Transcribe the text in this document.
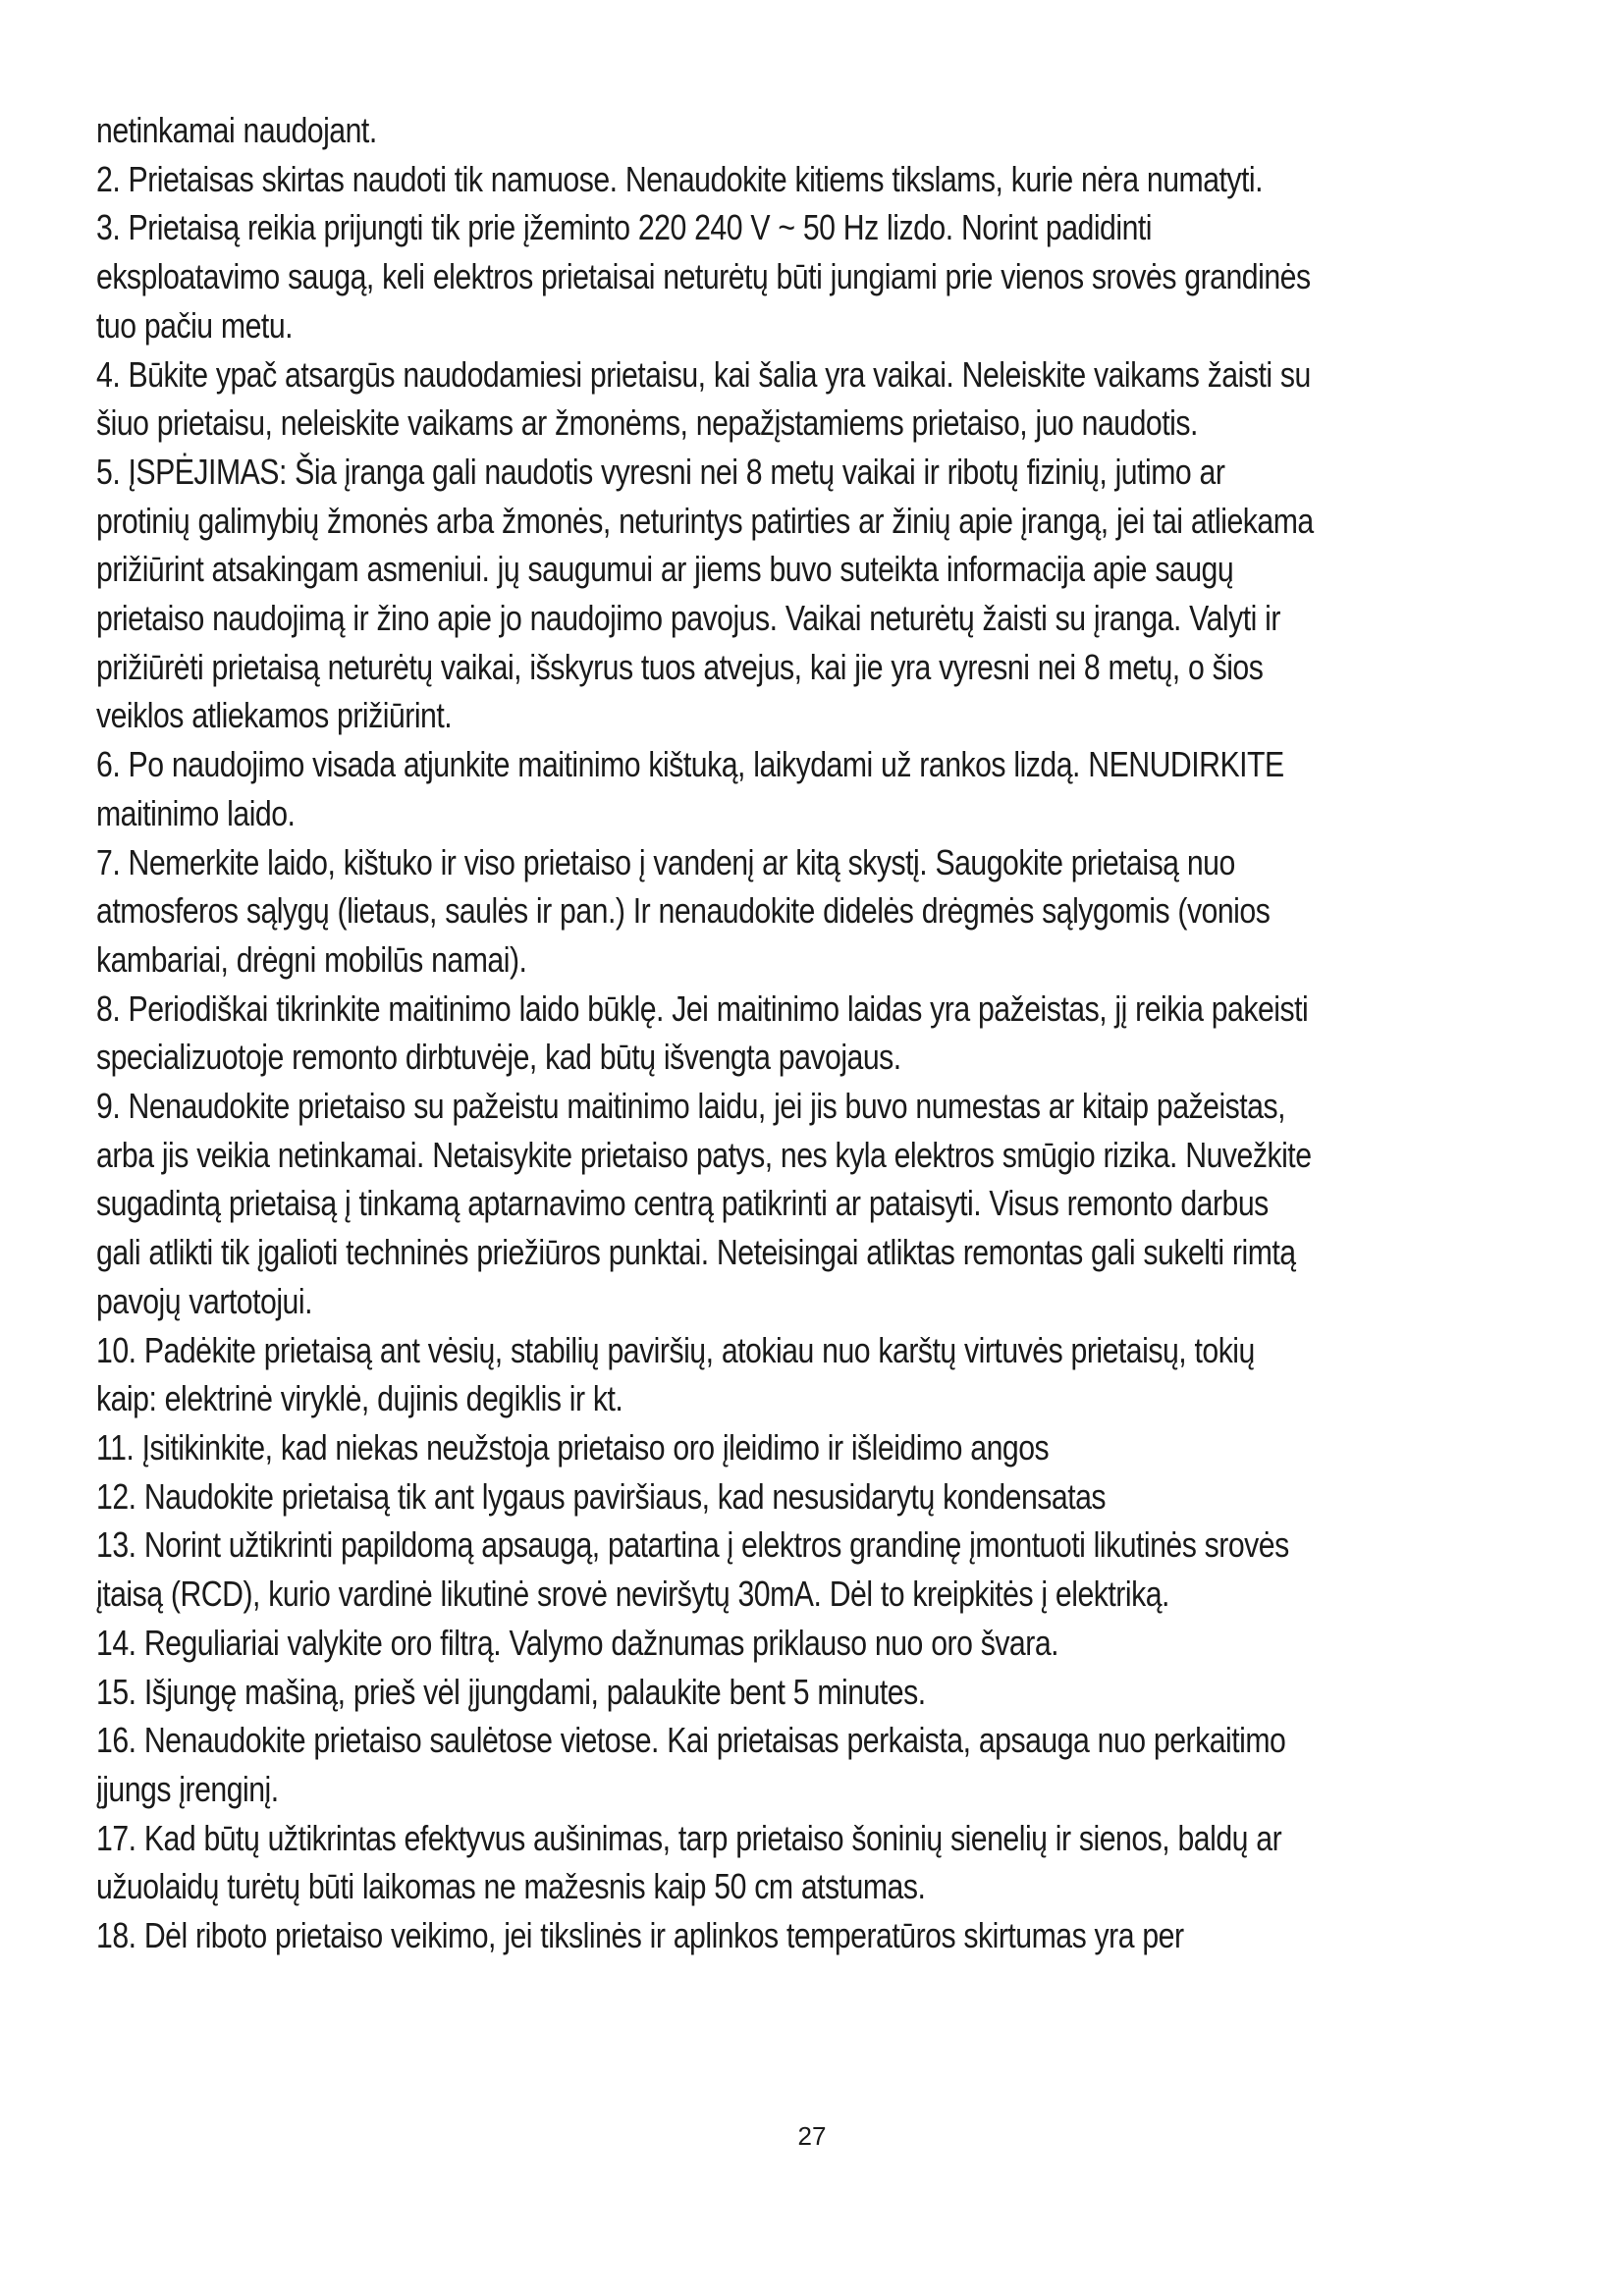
netinkamai naudojant.

2. Prietaisas skirtas naudoti tik namuose. Nenaudokite kitiems tikslams, kurie nėra numatyti.

3. Prietaisą reikia prijungti tik prie įžeminto 220 240 V ~ 50 Hz lizdo. Norint padidinti eksploatavimo saugą, keli elektros prietaisai neturėtų būti jungiami prie vienos srovės grandinės tuo pačiu metu.

4. Būkite ypač atsargūs naudodamiesi prietaisu, kai šalia yra vaikai. Neleiskite vaikams žaisti su šiuo prietaisu, neleiskite vaikams ar žmonėms, nepažįstamiems prietaiso, juo naudotis.

5. ĮSPĖJIMAS: Šia įranga gali naudotis vyresni nei 8 metų vaikai ir ribotų fizinių, jutimo ar protinių galimybių žmonės arba žmonės, neturintys patirties ar žinių apie įrangą, jei tai atliekama prižiūrint atsakingam asmeniui. jų saugumui ar jiems buvo suteikta informacija apie saugų prietaiso naudojimą ir žino apie jo naudojimo pavojus. Vaikai neturėtų žaisti su įranga. Valyti ir prižiūrėti prietaisą neturėtų vaikai, išskyrus tuos atvejus, kai jie yra vyresni nei 8 metų, o šios veiklos atliekamos prižiūrint.

6. Po naudojimo visada atjunkite maitinimo kištuką, laikydami už rankos lizdą. NENUDIRKITE maitinimo laido.

7. Nemerkite laido, kištuko ir viso prietaiso į vandenį ar kitą skystį. Saugokite prietaisą nuo atmosferos sąlygų (lietaus, saulės ir pan.) Ir nenaudokite didelės drėgmės sąlygomis (vonios kambariai, drėgni mobilūs namai).

8. Periodiškai tikrinkite maitinimo laido būklę. Jei maitinimo laidas yra pažeistas, jį reikia pakeisti specializuotoje remonto dirbtuvėje, kad būtų išvengta pavojaus.

9. Nenaudokite prietaiso su pažeistu maitinimo laidu, jei jis buvo numestas ar kitaip pažeistas, arba jis veikia netinkamai. Netaisykite prietaiso patys, nes kyla elektros smūgio rizika. Nuvežkite sugadintą prietaisą į tinkamą aptarnavimo centrą patikrinti ar pataisyti. Visus remonto darbus gali atlikti tik įgalioti techninės priežiūros punktai. Neteisingai atliktas remontas gali sukelti rimtą pavojų vartotojui.

10. Padėkite prietaisą ant vėsių, stabilių paviršių, atokiau nuo karštų virtuvės prietaisų, tokių kaip: elektrinė viryklė, dujinis degiklis ir kt.

11. Įsitikinkite, kad niekas neužstoja prietaiso oro įleidimo ir išleidimo angos

12. Naudokite prietaisą tik ant lygaus paviršiaus, kad nesusidarytų kondensatas

13. Norint užtikrinti papildomą apsaugą, patartina į elektros grandinę įmontuoti likutinės srovės įtaisą (RCD), kurio vardinė likutinė srovė neviršytų 30mA. Dėl to kreipkitės į elektriką.

14. Reguliariai valykite oro filtrą. Valymo dažnumas priklauso nuo oro švara.

15. Išjungę mašiną, prieš vėl įjungdami, palaukite bent 5 minutes.

16. Nenaudokite prietaiso saulėtose vietose. Kai prietaisas perkaista, apsauga nuo perkaitimo įjungs įrenginį.

17. Kad būtų užtikrintas efektyvus aušinimas, tarp prietaiso šoninių sienelių ir sienos, baldų ar užuolaidų turėtų būti laikomas ne mažesnis kaip 50 cm atstumas.

18. Dėl riboto prietaiso veikimo, jei tikslinės ir aplinkos temperatūros skirtumas yra per

27
